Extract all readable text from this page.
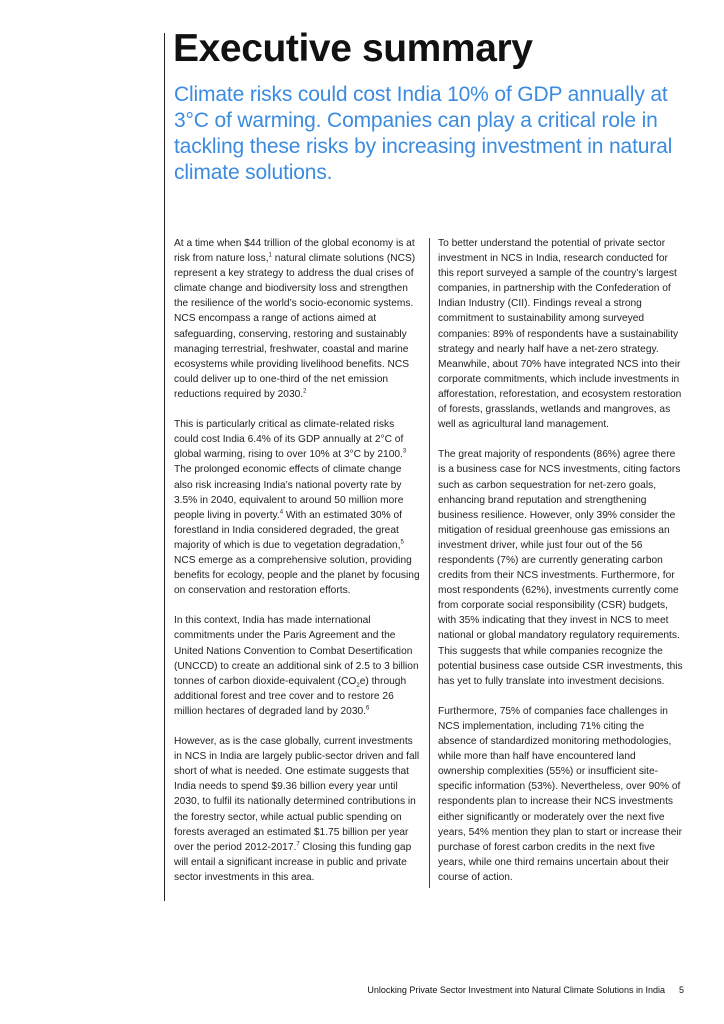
Executive summary

Climate risks could cost India 10% of GDP annually at 3°C of warming. Companies can play a critical role in tackling these risks by increasing investment in natural climate solutions.

At a time when $44 trillion of the global economy is at risk from nature loss,$^1$ natural climate solutions (NCS) represent a key strategy to address the dual crises of climate change and biodiversity loss and strengthen the resilience of the world’s socio-economic systems. NCS encompass a range of actions aimed at safeguarding, conserving, restoring and sustainably managing terrestrial, freshwater, coastal and marine ecosystems while providing livelihood benefits. NCS could deliver up to one-third of the net emission reductions required by 2030.$^2$

This is particularly critical as climate-related risks could cost India 6.4% of its GDP annually at 2°C of global warming, rising to over 10% at 3°C by 2100.$^3$ The prolonged economic effects of climate change also risk increasing India’s national poverty rate by 3.5% in 2040, equivalent to around 50 million more people living in poverty.$^4$ With an estimated 30% of forestland in India considered degraded, the great majority of which is due to vegetation degradation,$^5$ NCS emerge as a comprehensive solution, providing benefits for ecology, people and the planet by focusing on conservation and restoration efforts.

In this context, India has made international commitments under the Paris Agreement and the United Nations Convention to Combat Desertification (UNCCD) to create an additional sink of 2.5 to 3 billion tonnes of carbon dioxide-equivalent $(CO_2e)$ through additional forest and tree cover and to restore 26 million hectares of degraded land by 2030.$^6$

However, as is the case globally, current investments in NCS in India are largely public-sector driven and fall short of what is needed. One estimate suggests that India needs to spend $9.36 billion every year until 2030, to fulfil its nationally determined contributions in the forestry sector, while actual public spending on forests averaged an estimated $1.75 billion per year over the period 2012-2017.$^7$ Closing this funding gap will entail a significant increase in public and private sector investments in this area.

To better understand the potential of private sector investment in NCS in India, research conducted for this report surveyed a sample of the country’s largest companies, in partnership with the Confederation of Indian Industry (CII). Findings reveal a strong commitment to sustainability among surveyed companies: 89% of respondents have a sustainability strategy and nearly half have a net-zero strategy. Meanwhile, about 70% have integrated NCS into their corporate commitments, which include investments in afforestation, reforestation, and ecosystem restoration of forests, grasslands, wetlands and mangroves, as well as agricultural land management.

The great majority of respondents (86%) agree there is a business case for NCS investments, citing factors such as carbon sequestration for net-zero goals, enhancing brand reputation and strengthening business resilience. However, only 39% consider the mitigation of residual greenhouse gas emissions an investment driver, while just four out of the 56 respondents (7%) are currently generating carbon credits from their NCS investments. Furthermore, for most respondents (62%), investments currently come from corporate social responsibility (CSR) budgets, with 35% indicating that they invest in NCS to meet national or global mandatory regulatory requirements. This suggests that while companies recognize the potential business case outside CSR investments, this has yet to fully translate into investment decisions.

Furthermore, 75% of companies face challenges in NCS implementation, including 71% citing the absence of standardized monitoring methodologies, while more than half have encountered land ownership complexities (55%) or insufficient site-specific information (53%). Nevertheless, over 90% of respondents plan to increase their NCS investments either significantly or moderately over the next five years, 54% mention they plan to start or increase their purchase of forest carbon credits in the next five years, while one third remains uncertain about their course of action.

Unlocking Private Sector Investment into Natural Climate Solutions in India 5
